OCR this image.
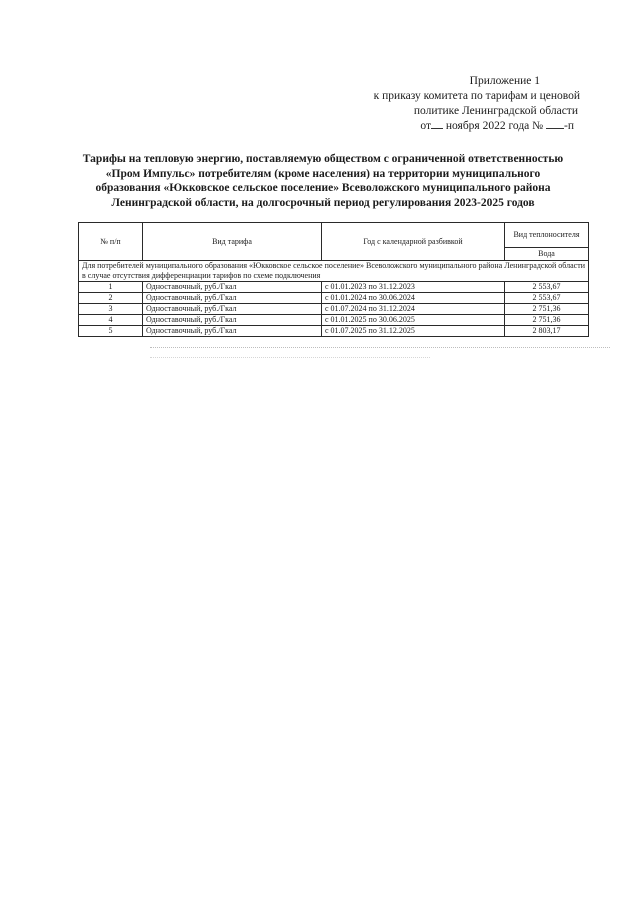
Приложение 1
к приказу комитета по тарифам и ценовой
политике Ленинградской области
от ноября 2022 года № -п
Тарифы на тепловую энергию, поставляемую обществом с ограниченной ответственностью «Пром Импульс» потребителям (кроме населения) на территории муниципального образования «Юкковское сельское поселение» Всеволожского муниципального района Ленинградской области, на долгосрочный период регулирования 2023-2025 годов
№ п/п	Вид тарифа	Год с календарной разбивкой	Вид теплоносителя
			Вода
Для потребителей муниципального образования «Юкковское сельское поселение» Всеволожского муниципального района Ленинградской области в случае отсутствия дифференциации тарифов по схеме подключения			
1	Одноставочный, руб./Гкал	с 01.01.2023 по 31.12.2023	2 553,67
2	Одноставочный, руб./Гкал	с 01.01.2024 по 30.06.2024	2 553,67
3	Одноставочный, руб./Гкал	с 01.07.2024 по 31.12.2024	2 751,36
4	Одноставочный, руб./Гкал	с 01.01.2025 по 30.06.2025	2 751,36
5	Одноставочный, руб./Гкал	с 01.07.2025 по 31.12.2025	2 803,17
